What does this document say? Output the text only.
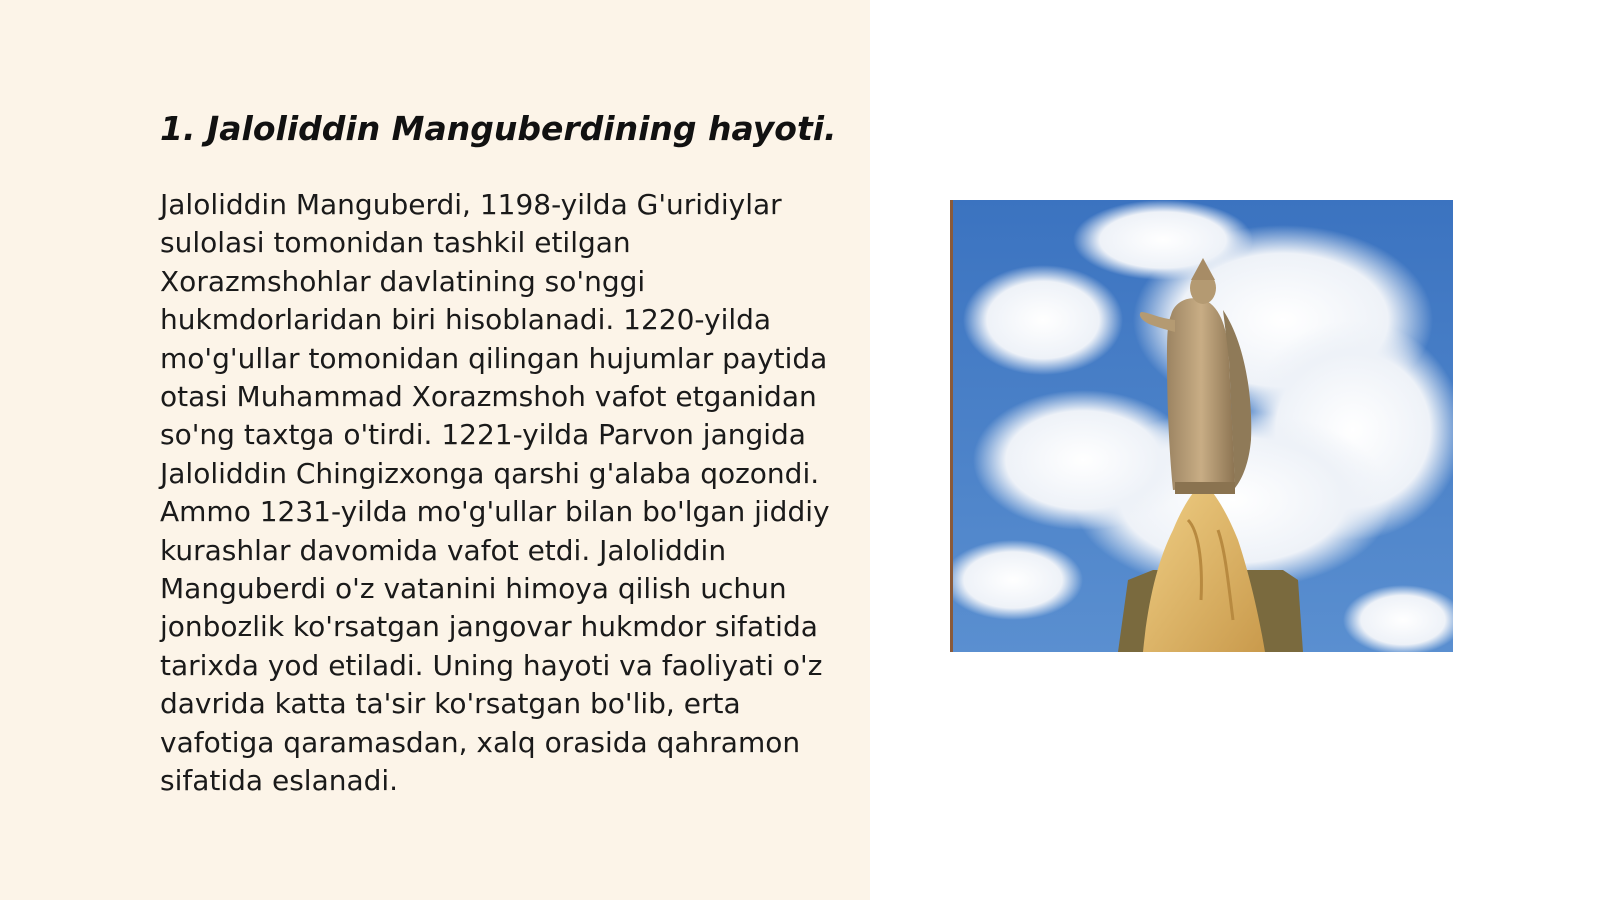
1. Jaloliddin Manguberdining hayoti.

Jaloliddin Manguberdi, 1198-yilda G'uridiylar sulolasi tomonidan tashkil etilgan Xorazmshohlar davlatining so'nggi hukmdorlaridan biri hisoblanadi. 1220-yilda mo'g'ullar tomonidan qilingan hujumlar paytida otasi Muhammad Xorazmshoh vafot etganidan so'ng taxtga o'tirdi. 1221-yilda Parvon jangida Jaloliddin Chingizxonga qarshi g'alaba qozondi. Ammo 1231-yilda mo'g'ullar bilan bo'lgan jiddiy kurashlar davomida vafot etdi. Jaloliddin Manguberdi o'z vatanini himoya qilish uchun jonbozlik ko'rsatgan jangovar hukmdor sifatida tarixda yod etiladi. Uning hayoti va faoliyati o'z davrida katta ta'sir ko'rsatgan bo'lib, erta vafotiga qaramasdan, xalq orasida qahramon sifatida eslanadi.
